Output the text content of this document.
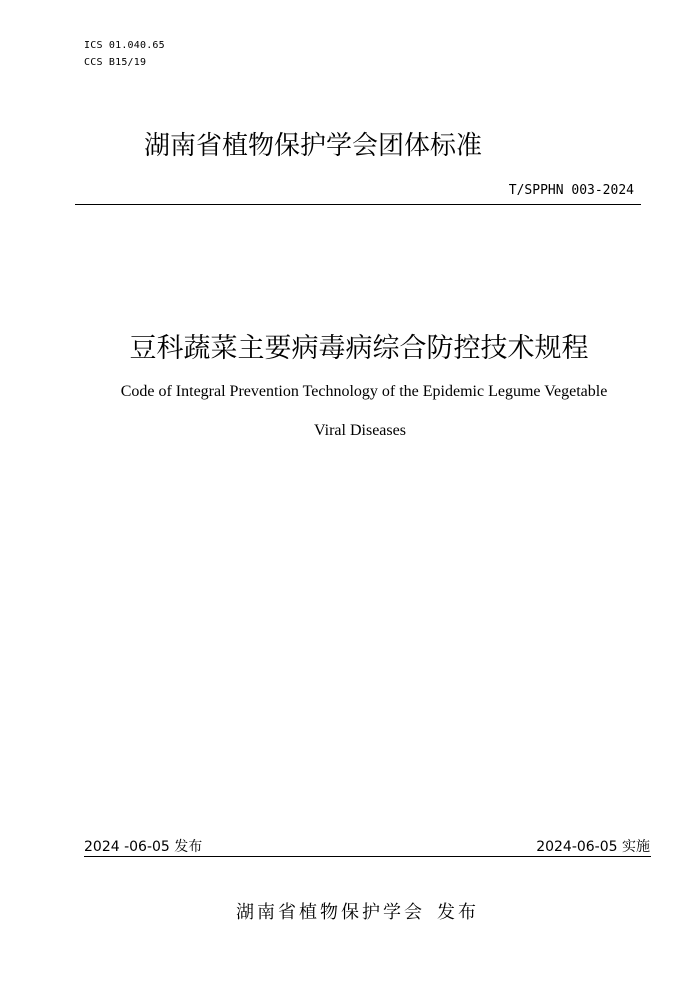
ICS 01.040.65
CCS B15/19
湖南省植物保护学会团体标准
T/SPPHN 003-2024
豆科蔬菜主要病毒病综合防控技术规程
Code of Integral Prevention Technology of the Epidemic Legume Vegetable
Viral Diseases
2024 -06-05 发布	2024-06-05 实施
湖南省植物保护学会 发布
